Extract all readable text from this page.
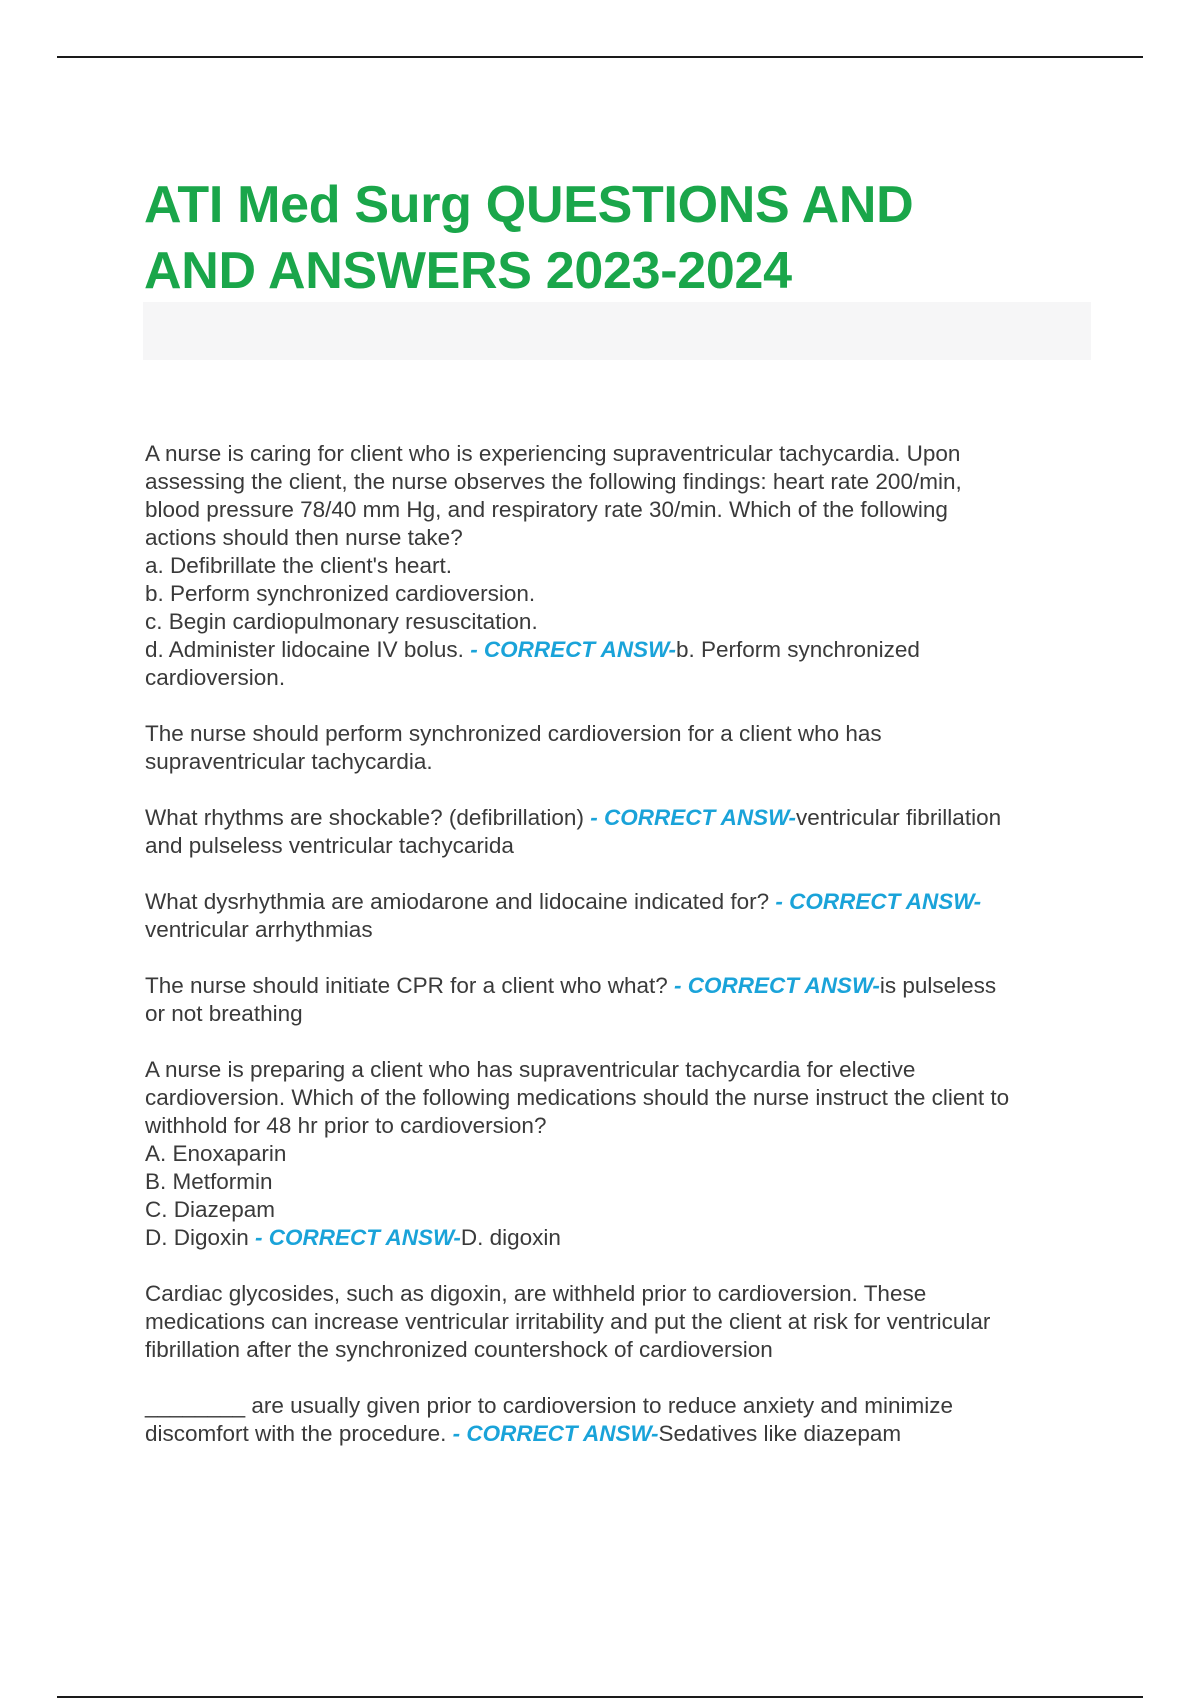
ATI Med Surg QUESTIONS AND
AND ANSWERS 2023-2024
A nurse is caring for client who is experiencing supraventricular tachycardia. Upon
assessing the client, the nurse observes the following findings: heart rate 200/min,
blood pressure 78/40 mm Hg, and respiratory rate 30/min. Which of the following
actions should then nurse take?
a. Defibrillate the client's heart.
b. Perform synchronized cardioversion.
c. Begin cardiopulmonary resuscitation.
d. Administer lidocaine IV bolus. - CORRECT ANSW-b. Perform synchronized
cardioversion.
The nurse should perform synchronized cardioversion for a client who has
supraventricular tachycardia.
What rhythms are shockable? (defibrillation) - CORRECT ANSW-ventricular fibrillation
and pulseless ventricular tachycarida
What dysrhythmia are amiodarone and lidocaine indicated for? - CORRECT ANSW-
ventricular arrhythmias
The nurse should initiate CPR for a client who what? - CORRECT ANSW-is pulseless
or not breathing
A nurse is preparing a client who has supraventricular tachycardia for elective
cardioversion. Which of the following medications should the nurse instruct the client to
withhold for 48 hr prior to cardioversion?
A. Enoxaparin
B. Metformin
C. Diazepam
D. Digoxin - CORRECT ANSW-D. digoxin
Cardiac glycosides, such as digoxin, are withheld prior to cardioversion. These
medications can increase ventricular irritability and put the client at risk for ventricular
fibrillation after the synchronized countershock of cardioversion
________ are usually given prior to cardioversion to reduce anxiety and minimize
discomfort with the procedure. - CORRECT ANSW-Sedatives like diazepam
